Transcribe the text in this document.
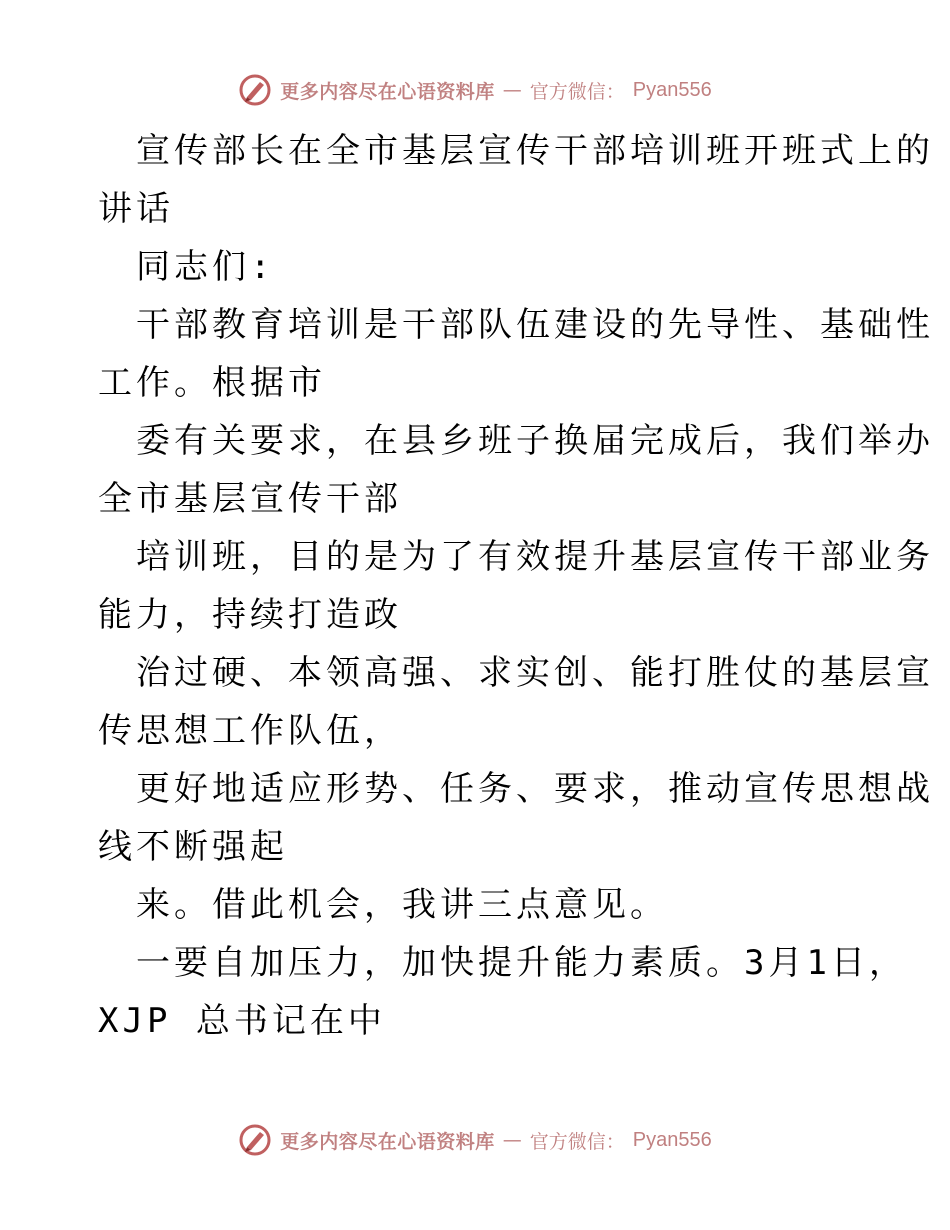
更多内容尽在心语资料库 — 官方微信： Pyan556
宣传部长在全市基层宣传干部培训班开班式上的
讲话
同志们:
干部教育培训是干部队伍建设的先导性、基础性
工作。根据市
委有关要求，在县乡班子换届完成后，我们举办
全市基层宣传干部
培训班，目的是为了有效提升基层宣传干部业务
能力，持续打造政
治过硬、本领高强、求实创、能打胜仗的基层宣
传思想工作队伍，
更好地适应形势、任务、要求，推动宣传思想战
线不断强起
来。借此机会，我讲三点意见。
一要自加压力，加快提升能力素质。3月1日，
XJP 总书记在中
更多内容尽在心语资料库 — 官方微信： Pyan556
